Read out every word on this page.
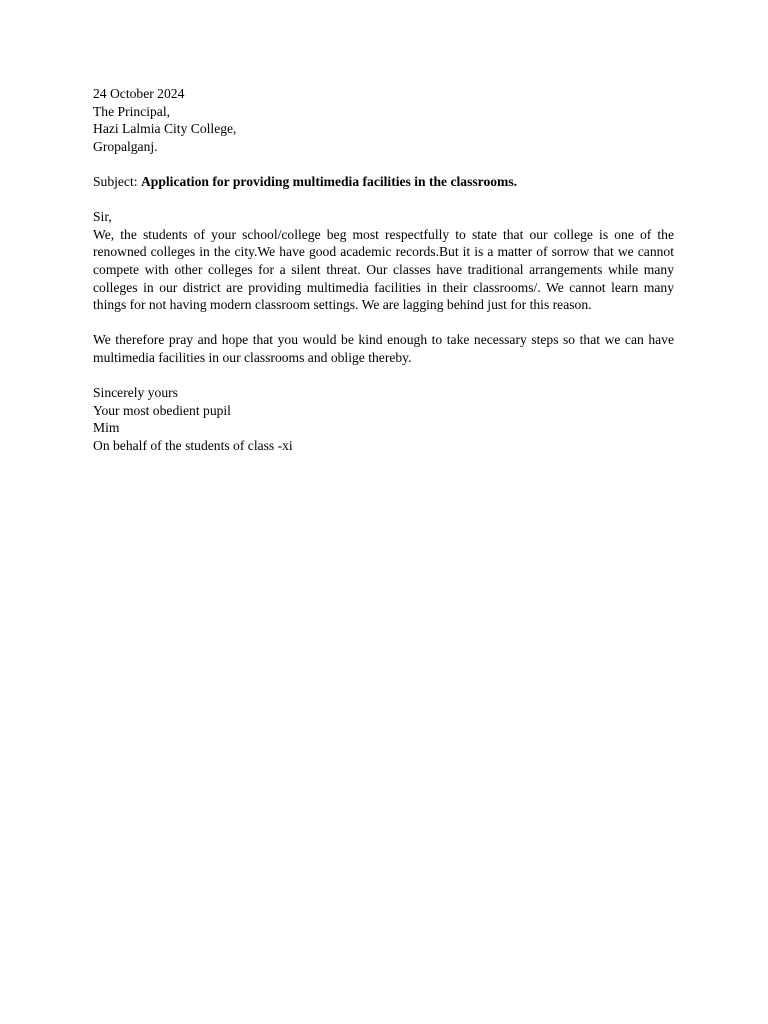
24 October 2024
The Principal,
Hazi Lalmia City College,
Gropalganj.
Subject: Application for providing multimedia facilities in the classrooms.
Sir,

We, the students of your school/college beg most respectfully to state that our college is one of the renowned colleges in the city.We have good academic records.But it is a matter of sorrow that we cannot compete with other colleges for a silent threat. Our classes have traditional arrangements while many colleges in our district are providing multimedia facilities in their classrooms/. We cannot learn many things for not having modern classroom settings. We are lagging behind just for this reason.

We therefore pray and hope that you would be kind enough to take necessary steps so that we can have multimedia facilities in our classrooms and oblige thereby.

Sincerely yours
Your most obedient pupil
Mim
On behalf of the students of class -xi
